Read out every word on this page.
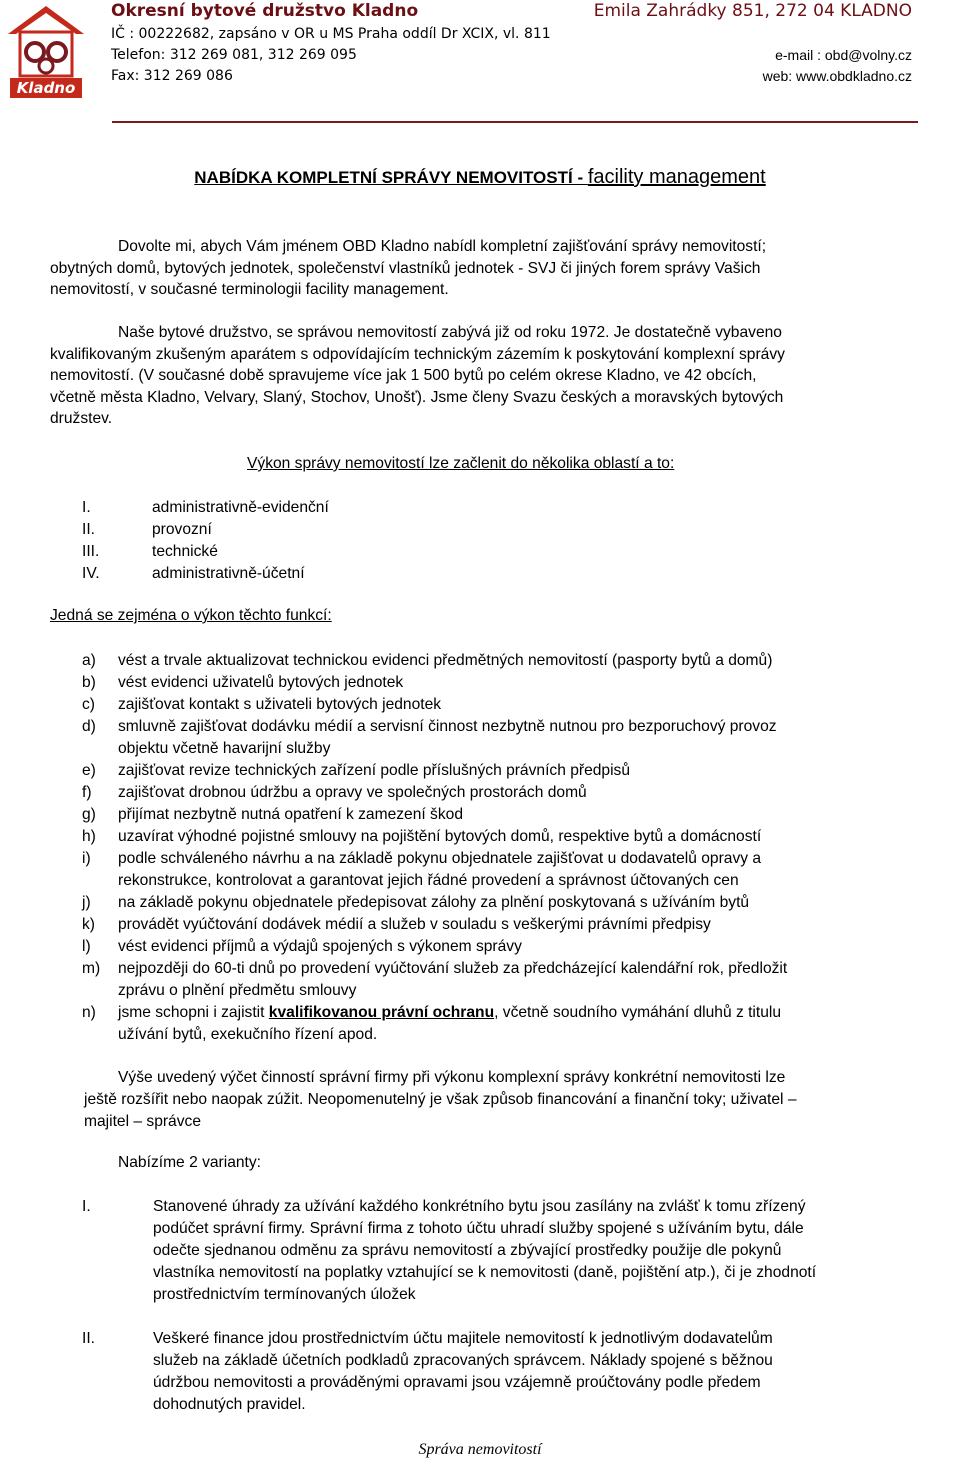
Kladno
Okresní bytové družstvo Kladno
IČ : 00222682, zapsáno v OR u MS Praha oddíl Dr XCIX, vl. 811
Telefon: 312 269 081, 312 269 095
Fax: 312 269 086
Emila Zahrádky 851, 272 04 KLADNO
e-mail : obd@volny.cz
web: www.obdkladno.cz
NABÍDKA KOMPLETNÍ SPRÁVY NEMOVITOSTÍ - facility management
Dovolte mi, abych Vám jménem OBD Kladno nabídl kompletní zajišťování správy nemovitostí;
obytných domů, bytových jednotek, společenství vlastníků jednotek - SVJ či jiných forem správy Vašich
nemovitostí, v současné terminologii facility management.
Naše bytové družstvo, se správou nemovitostí zabývá již od roku 1972. Je dostatečně vybaveno
kvalifikovaným zkušeným aparátem s odpovídajícím technickým zázemím k poskytování komplexní správy
nemovitostí. (V současné době spravujeme více jak 1 500 bytů po celém okrese Kladno, ve 42 obcích,
včetně města Kladno, Velvary, Slaný, Stochov, Unošť). Jsme členy Svazu českých a moravských bytových
družstev.
Výkon správy nemovitostí lze začlenit do několika oblastí a to:
I.	administrativně-evidenční
II.	provozní
III.	technické
IV.	administrativně-účetní
Jedná se zejména o výkon těchto funkcí:
a) vést a trvale aktualizovat technickou evidenci předmětných nemovitostí (pasporty bytů a domů)
b) vést evidenci uživatelů bytových jednotek
c) zajišťovat kontakt s uživateli bytových jednotek
d) smluvně zajišťovat dodávku médií a servisní činnost nezbytně nutnou pro bezporuchový provoz
objektu včetně havarijní služby
e) zajišťovat revize technických zařízení podle příslušných právních předpisů
f) zajišťovat drobnou údržbu a opravy ve společných prostorách domů
g) přijímat nezbytně nutná opatření k zamezení škod
h) uzavírat výhodné pojistné smlouvy na pojištění bytových domů, respektive bytů a domácností
i) podle schváleného návrhu a na základě pokynu objednatele zajišťovat u dodavatelů opravy a
rekonstrukce, kontrolovat a garantovat jejich řádné provedení a správnost účtovaných cen
j) na základě pokynu objednatele předepisovat zálohy za plnění poskytovaná s užíváním bytů
k) provádět vyúčtování dodávek médií a služeb v souladu s veškerými právními předpisy
l) vést evidenci příjmů a výdajů spojených s výkonem správy
m) nejpozději do 60-ti dnů po provedení vyúčtování služeb za předcházející kalendářní rok, předložit
zprávu o plnění předmětu smlouvy
n) jsme schopni i zajistit kvalifikovanou právní ochranu, včetně soudního vymáhání dluhů z titulu
užívání bytů, exekučního řízení apod.
Výše uvedený výčet činností správní firmy při výkonu komplexní správy konkrétní nemovitosti lze
ještě rozšířit nebo naopak zúžit. Neopomenutelný je však způsob financování a finanční toky; uživatel –
majitel – správce
Nabízíme 2 varianty:
I.	Stanovené úhrady za užívání každého konkrétního bytu jsou zasílány na zvlášť k tomu zřízený
podúčet správní firmy. Správní firma z tohoto účtu uhradí služby spojené s užíváním bytu, dále
odečte sjednanou odměnu za správu nemovitostí a zbývající prostředky použije dle pokynů
vlastníka nemovitostí na poplatky vztahující se k nemovitosti (daně, pojištění atp.), či je zhodnotí
prostřednictvím termínovaných úložek
II.	Veškeré finance jdou prostřednictvím účtu majitele nemovitostí k jednotlivým dodavatelům
služeb na základě účetních podkladů zpracovaných správcem. Náklady spojené s běžnou
údržbou nemovitosti a prováděnými opravami jsou vzájemně proúčtovány podle předem
dohodnutých pravidel.
Správa nemovitostí
